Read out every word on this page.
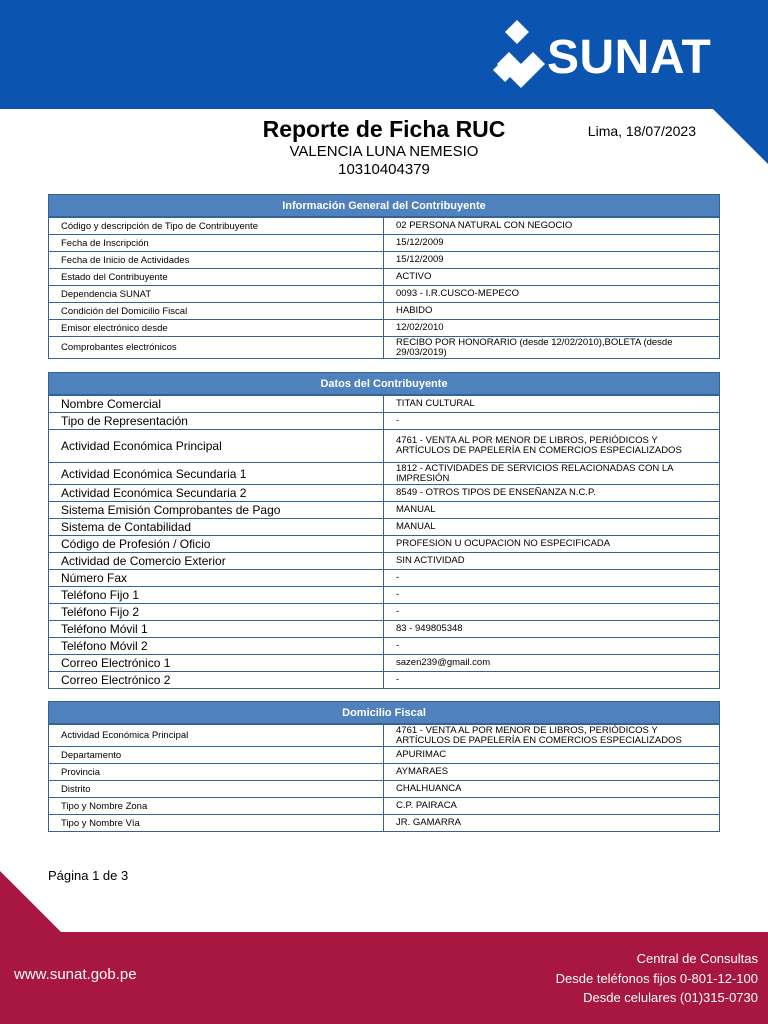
SUNAT
Reporte de Ficha RUC	Lima, 18/07/2023
VALENCIA LUNA NEMESIO
10310404379
Información General del Contribuyente
Código y descripción de Tipo de Contribuyente	02 PERSONA NATURAL CON NEGOCIO
Fecha de Inscripción	15/12/2009
Fecha de Inicio de Actividades	15/12/2009
Estado del Contribuyente	ACTIVO
Dependencia SUNAT	0093 - I.R.CUSCO-MEPECO
Condición del Domicilio Fiscal	HABIDO
Emisor electrónico desde	12/02/2010
Comprobantes electrónicos	RECIBO POR HONORARIO (desde 12/02/2010),BOLETA (desde 29/03/2019)
Datos del Contribuyente
Nombre Comercial	TITAN CULTURAL
Tipo de Representación	-
Actividad Económica Principal	4761 - VENTA AL POR MENOR DE LIBROS, PERIÓDICOS Y ARTÍCULOS DE PAPELERÍA EN COMERCIOS ESPECIALIZADOS
Actividad Económica Secundaria 1	1812 - ACTIVIDADES DE SERVICIOS RELACIONADAS CON LA IMPRESIÓN
Actividad Económica Secundaria 2	8549 - OTROS TIPOS DE ENSEÑANZA N.C.P.
Sistema Emisión Comprobantes de Pago	MANUAL
Sistema de Contabilidad	MANUAL
Código de Profesión / Oficio	PROFESION U OCUPACION NO ESPECIFICADA
Actividad de Comercio Exterior	SIN ACTIVIDAD
Número Fax	-
Teléfono Fijo 1	-
Teléfono Fijo 2	-
Teléfono Móvil 1	83 - 949805348
Teléfono Móvil 2	-
Correo Electrónico 1	sazen239@gmail.com
Correo Electrónico 2	-
Domicilio Fiscal
Actividad Económica Principal	4761 - VENTA AL POR MENOR DE LIBROS, PERIÓDICOS Y ARTÍCULOS DE PAPELERÍA EN COMERCIOS ESPECIALIZADOS
Departamento	APURIMAC
Provincia	AYMARAES
Distrito	CHALHUANCA
Tipo y Nombre Zona	C.P. PAIRACA
Tipo y Nombre Vía	JR. GAMARRA
Página 1 de 3
www.sunat.gob.pe
Central de Consultas
Desde teléfonos fijos 0-801-12-100
Desde celulares (01)315-0730
